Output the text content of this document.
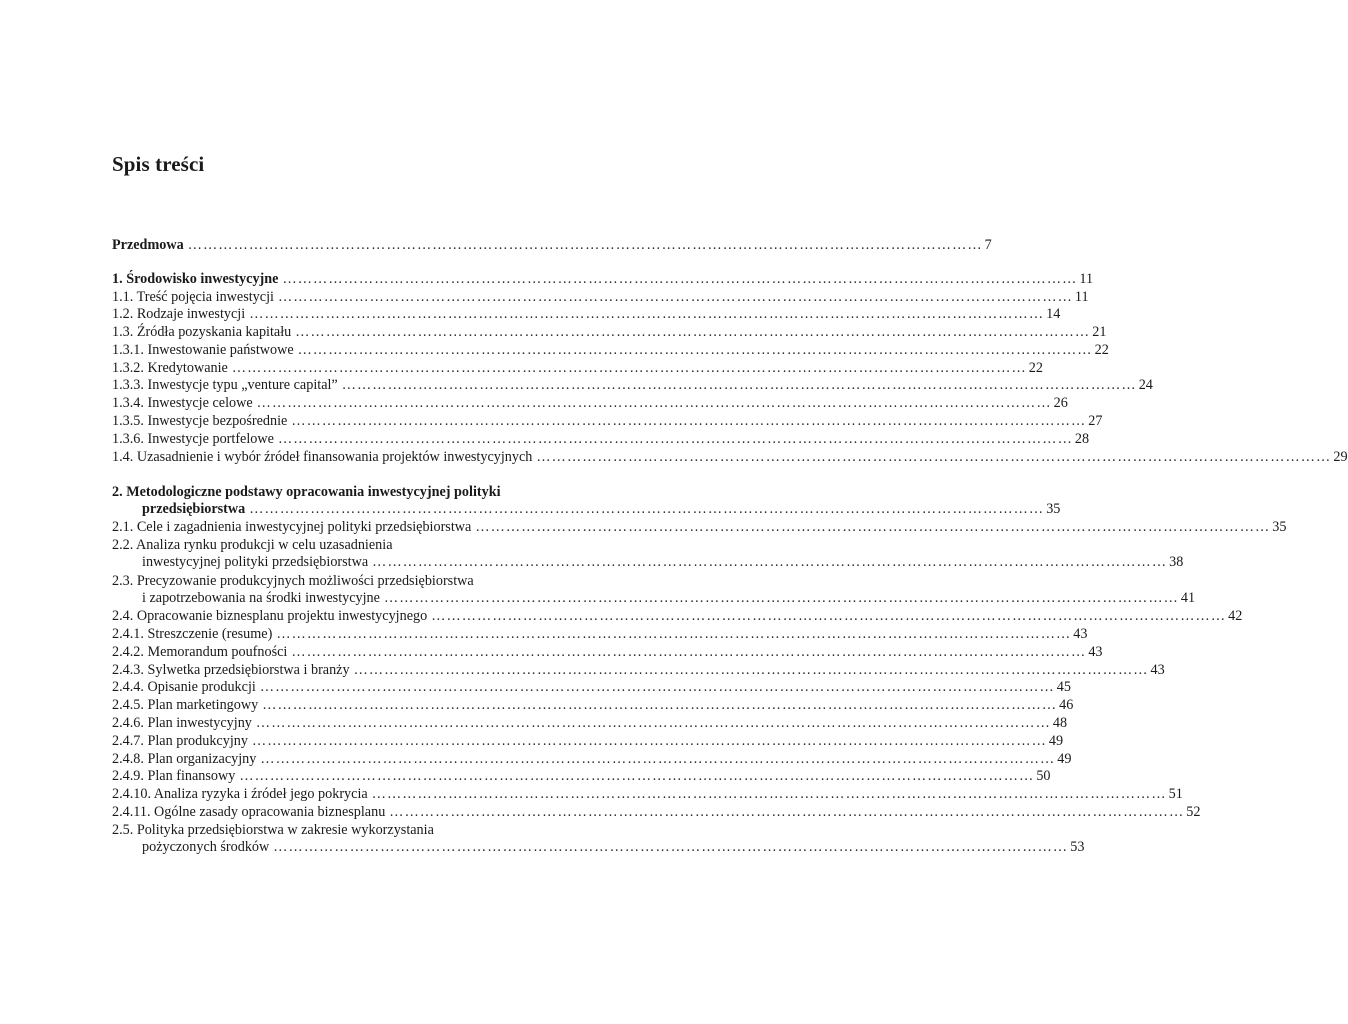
Spis treści
Przedmowa ………………………………………………………………………………………………………………………………………… 7
1. Środowisko inwestycyjne ………………………………………………………………………………………………………………………………………… 11
1.1. Treść pojęcia inwestycji ………………………………………………………………………………………………………………………………………… 11
1.2. Rodzaje inwestycji ………………………………………………………………………………………………………………………………………… 14
1.3. Źródła pozyskania kapitału ………………………………………………………………………………………………………………………………………… 21
1.3.1. Inwestowanie państwowe ………………………………………………………………………………………………………………………………………… 22
1.3.2. Kredytowanie ………………………………………………………………………………………………………………………………………… 22
1.3.3. Inwestycje typu „venture capital” ………………………………………………………………………………………………………………………………………… 24
1.3.4. Inwestycje celowe ………………………………………………………………………………………………………………………………………… 26
1.3.5. Inwestycje bezpośrednie ………………………………………………………………………………………………………………………………………… 27
1.3.6. Inwestycje portfelowe ………………………………………………………………………………………………………………………………………… 28
1.4. Uzasadnienie i wybór źródeł finansowania projektów inwestycyjnych ………………………………………………………………………………………………………………………………………… 29
2. Metodologiczne podstawy opracowania inwestycyjnej polityki
przedsiębiorstwa ………………………………………………………………………………………………………………………………………… 35
2.1. Cele i zagadnienia inwestycyjnej polityki przedsiębiorstwa ………………………………………………………………………………………………………………………………………… 35
2.2. Analiza rynku produkcji w celu uzasadnienia
inwestycyjnej polityki przedsiębiorstwa ………………………………………………………………………………………………………………………………………… 38
2.3. Precyzowanie produkcyjnych możliwości przedsiębiorstwa
i zapotrzebowania na środki inwestycyjne ………………………………………………………………………………………………………………………………………… 41
2.4. Opracowanie biznesplanu projektu inwestycyjnego ………………………………………………………………………………………………………………………………………… 42
2.4.1. Streszczenie (resume) ………………………………………………………………………………………………………………………………………… 43
2.4.2. Memorandum poufności ………………………………………………………………………………………………………………………………………… 43
2.4.3. Sylwetka przedsiębiorstwa i branży ………………………………………………………………………………………………………………………………………… 43
2.4.4. Opisanie produkcji ………………………………………………………………………………………………………………………………………… 45
2.4.5. Plan marketingowy ………………………………………………………………………………………………………………………………………… 46
2.4.6. Plan inwestycyjny ………………………………………………………………………………………………………………………………………… 48
2.4.7. Plan produkcyjny ………………………………………………………………………………………………………………………………………… 49
2.4.8. Plan organizacyjny ………………………………………………………………………………………………………………………………………… 49
2.4.9. Plan finansowy ………………………………………………………………………………………………………………………………………… 50
2.4.10. Analiza ryzyka i źródeł jego pokrycia ………………………………………………………………………………………………………………………………………… 51
2.4.11. Ogólne zasady opracowania biznesplanu ………………………………………………………………………………………………………………………………………… 52
2.5. Polityka przedsiębiorstwa w zakresie wykorzystania
pożyczonych środków ………………………………………………………………………………………………………………………………………… 53
